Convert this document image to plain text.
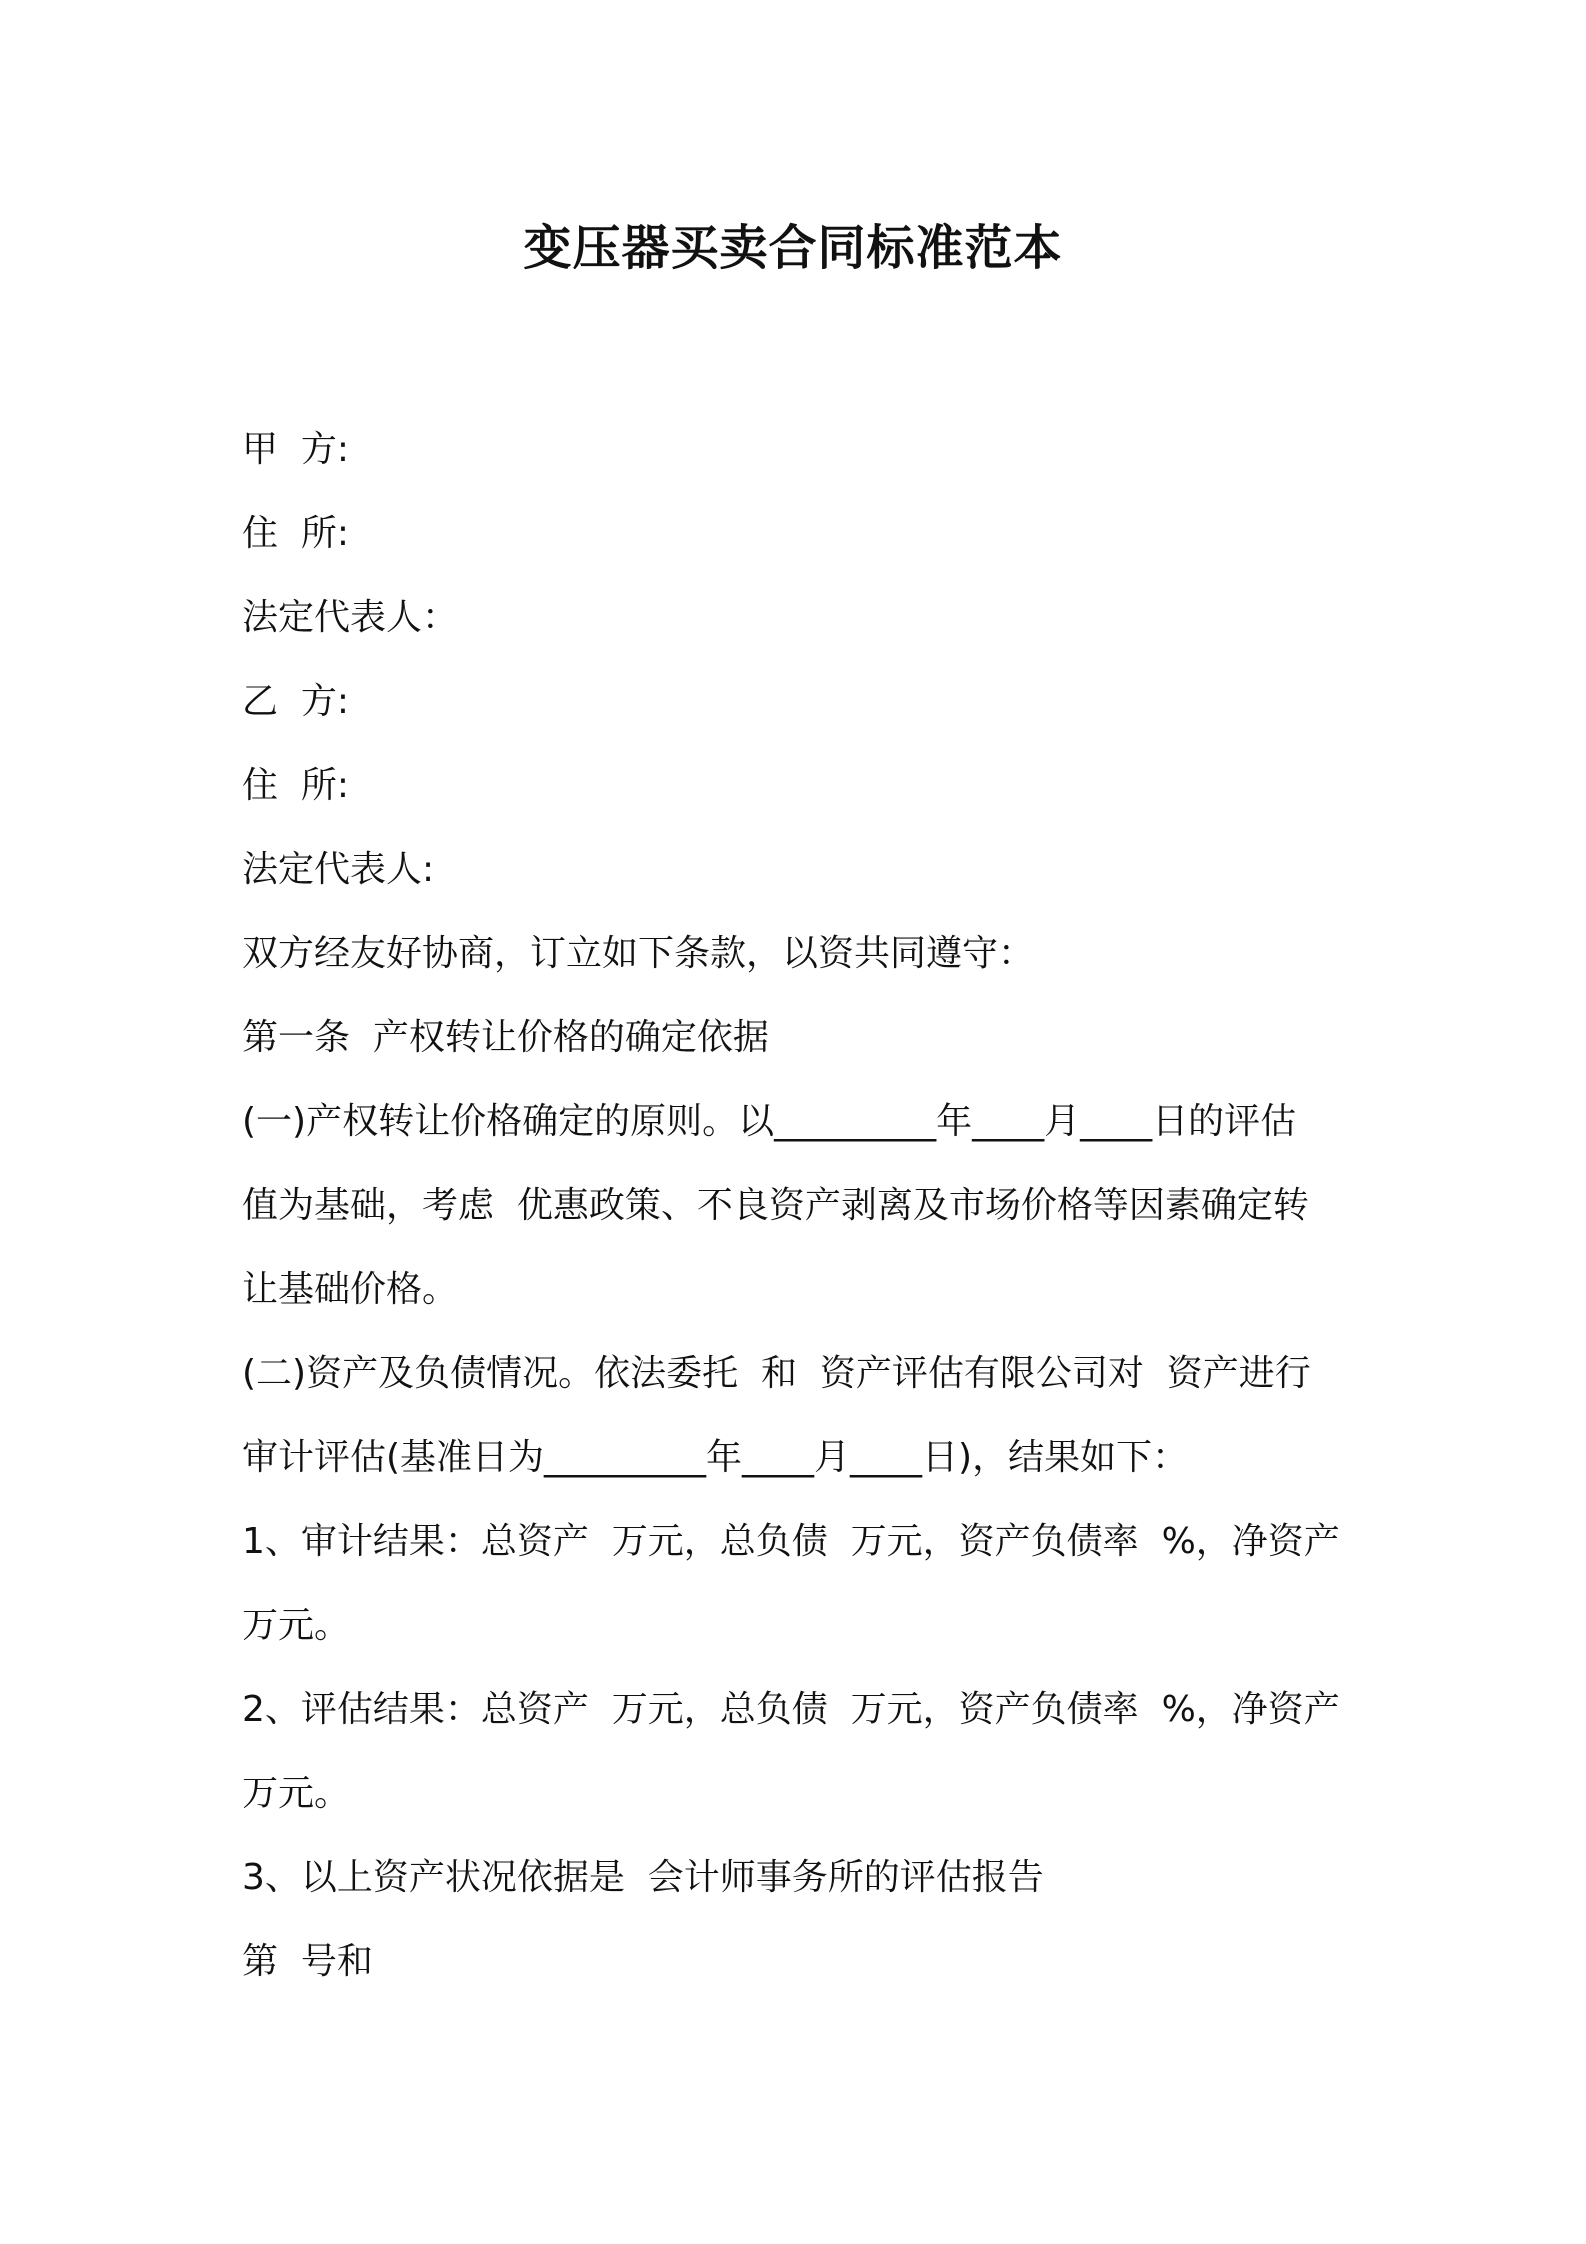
变压器买卖合同标准范本

甲  方:

住  所:

法定代表人：

乙  方:

住  所:

法定代表人:

双方经友好协商，订立如下条款，以资共同遵守：

第一条  产权转让价格的确定依据

(一)产权转让价格确定的原则。以_________年____月____日的评估

值为基础，考虑  优惠政策、不良资产剥离及市场价格等因素确定转

让基础价格。

(二)资产及负债情况。依法委托  和  资产评估有限公司对  资产进行

审计评估(基准日为_________年____月____日)，结果如下：

1、审计结果：总资产  万元，总负债  万元，资产负债率  %，净资产

万元。

2、评估结果：总资产  万元，总负债  万元，资产负债率  %，净资产

万元。

3、以上资产状况依据是  会计师事务所的评估报告

第  号和
